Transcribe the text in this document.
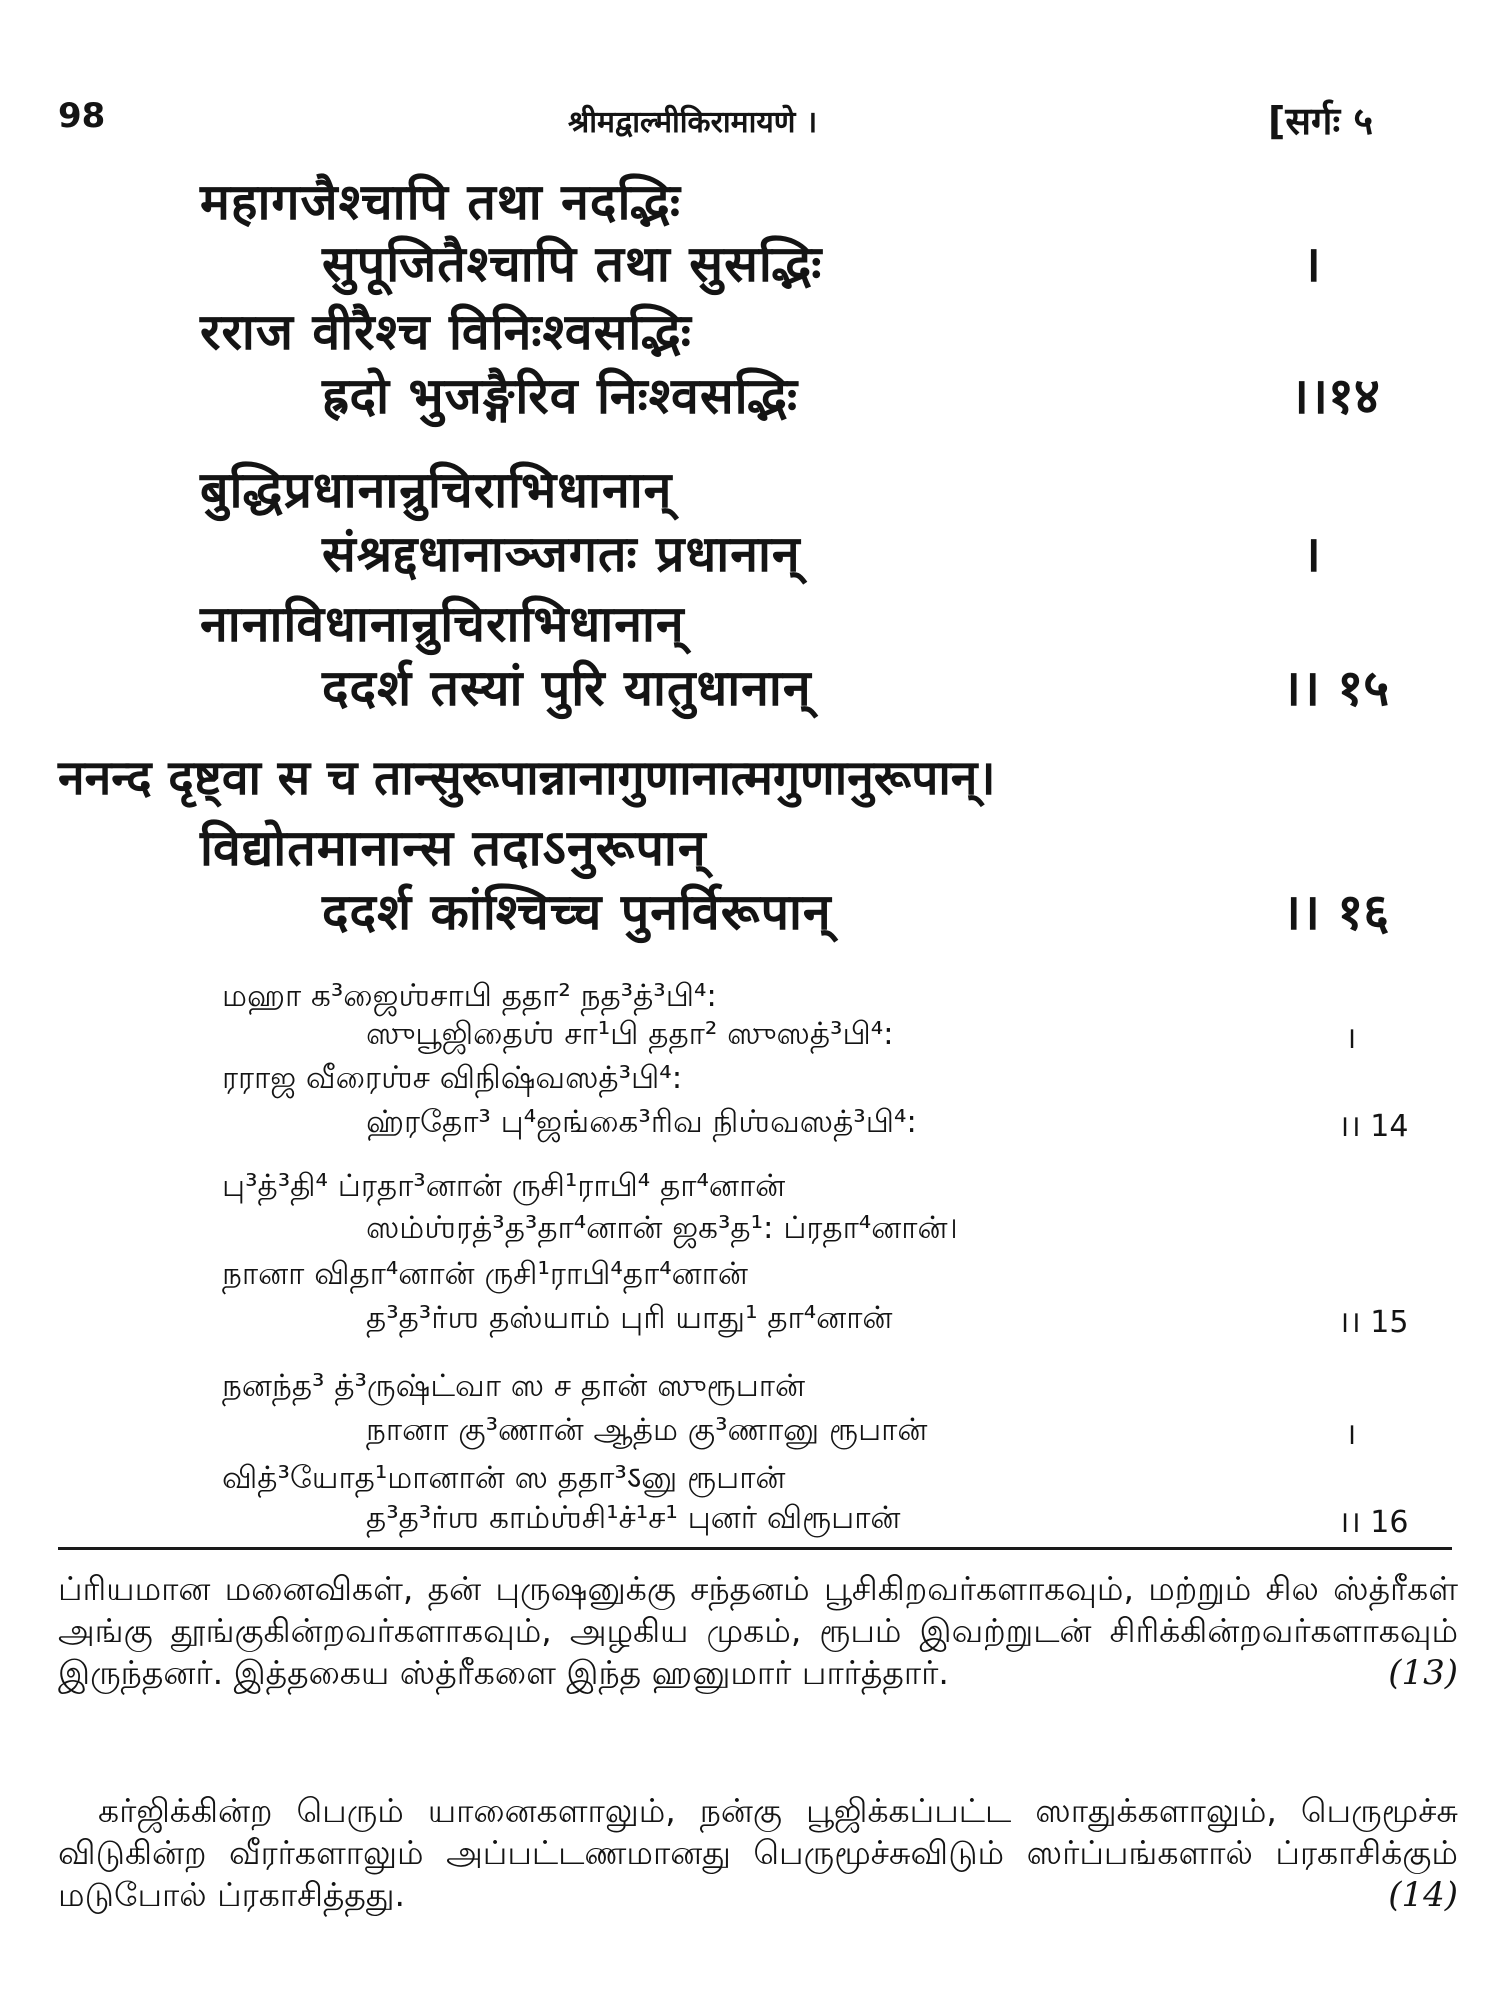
98	श्रीमद्वाल्मीकिरामायणे ।	[सर्गः ५
महागजैश्चापि तथा नदद्भिः
सुपूजितैश्चापि तथा सुसद्भिः	।
रराज वीरैश्च विनिःश्वसद्भिः
ह्रदो भुजङ्गैरिव निःश्वसद्भिः	।।१४
बुद्धिप्रधानान्रुचिराभिधानान्
संश्रद्दधानाञ्जगतः प्रधानान्	।
नानाविधानान्रुचिराभिधानान्
ददर्श तस्यां पुरि यातुधानान्	।। १५
ननन्द दृष्ट्वा स च तान्सुरूपान्नानागुणानात्मगुणानुरूपान्।
विद्योतमानान्स तदाऽनुरूपान्
ददर्श कांश्चिच्च पुनर्विरूपान्	।। १६
மஹா க³ஜைஶ்சாபி ததா² நத³த்³பி⁴:
ஸுபூஜிதைஶ் சா¹பி ததா² ஸுஸத்³பி⁴:	।
ரராஜ வீரைஶ்ச விநிஷ்வஸத்³பி⁴:
ஹ்ரதோ³ பு⁴ஜங்கை³ரிவ நிஶ்வஸத்³பி⁴:	।। 14
பு³த்³தி⁴ ப்ரதா³னான் ருசி¹ராபி⁴ தா⁴னான்
ஸம்ஶ்ரத்³த³தா⁴னான் ஜக³த¹: ப்ரதா⁴னான்।
நானா விதா⁴னான் ருசி¹ராபி⁴தா⁴னான்
த³த³ர்ஶ தஸ்யாம் புரி யாது¹ தா⁴னான்	।। 15
நனந்த³ த்³ருஷ்ட்வா ஸ ச தான் ஸுரூபான்
நானா கு³ணான் ஆத்ம கு³ணானு ரூபான்	।
வித்³யோத¹மானான் ஸ ததா³ऽனு ரூபான்
த³த³ர்ஶ காம்ஶ்சி¹ச்¹ச¹ புனர் விரூபான்	।। 16

ப்ரியமான மனைவிகள், தன் புருஷனுக்கு சந்தனம் பூசிகிறவர்களாகவும், மற்றும் சில ஸ்த்ரீகள் அங்கு தூங்குகின்றவர்களாகவும், அழகிய முகம், ரூபம் இவற்றுடன் சிரிக்கின்றவர்களாகவும் இருந்தனர். இத்தகைய ஸ்த்ரீகளை இந்த ஹனுமார் பார்த்தார்.	(13)

கர்ஜிக்கின்ற பெரும் யானைகளாலும், நன்கு பூஜிக்கப்பட்ட ஸாதுக்களாலும், பெருமூச்சு விடுகின்ற வீரர்களாலும் அப்பட்டணமானது பெருமூச்சுவிடும் ஸர்ப்பங்களால் ப்ரகாசிக்கும் மடுபோல் ப்ரகாசித்தது.	(14)
